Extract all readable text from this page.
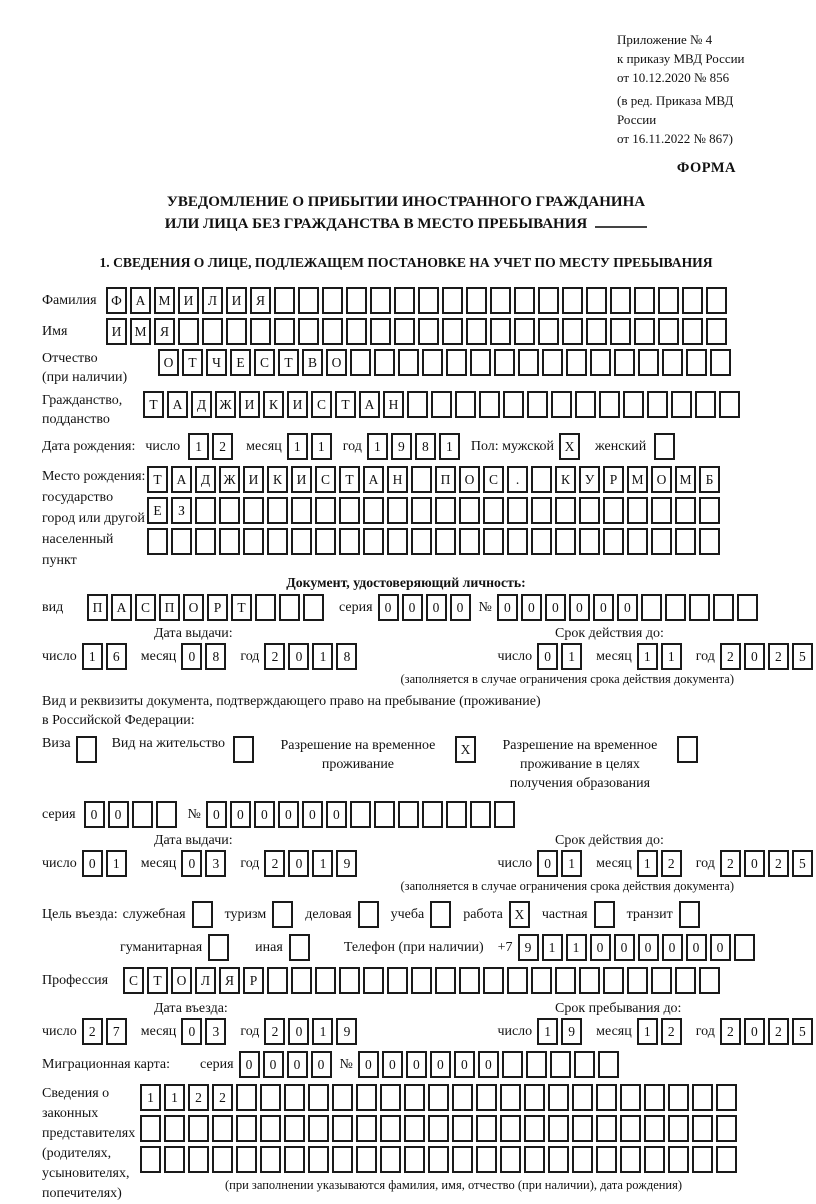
Приложение № 4
к приказу МВД России
от 10.12.2020 № 856
(в ред. Приказа МВД России
от 16.11.2022 № 867)
ФОРМА
УВЕДОМЛЕНИЕ О ПРИБЫТИИ ИНОСТРАННОГО ГРАЖДАНИНА
ИЛИ ЛИЦА БЕЗ ГРАЖДАНСТВА В МЕСТО ПРЕБЫВАНИЯ
1. СВЕДЕНИЯ О ЛИЦЕ, ПОДЛЕЖАЩЕМ ПОСТАНОВКЕ НА УЧЕТ ПО МЕСТУ ПРЕБЫВАНИЯ
Фамилия	Ф	А М И	Л	И	Я
Имя	И М Я
Отчество
(при наличии)
О	Т	Ч	Е	С	Т	В	О
Гражданство,
подданство
Т	А	Д Ж И	К	И	С	Т	А	Н
Дата рождения: число	1	2	месяц 1	1	год 1	9	8	1	Пол: мужской X	женский
Место рождения:
государство
город или другой
населенный пункт
Т	А	Д Ж И	К	И	С	Т	А	Н	П	О	С	.	К	У	Р	М О М	Б
Е	З
Документ, удостоверяющий личность:
вид	П	А	С	П	О	Р	Т	серия 0	0	0	0	№ 0	0	0	0	0	0
Дата выдачи:	Срок действия до:
число 1	6	месяц 0	8	год 2	0	1	8	число 0	1	месяц 1	1	год 2	0	2	5
(заполняется в случае ограничения срока действия документа)
Вид и реквизиты документа, подтверждающего право на пребывание (проживание)
в Российской Федерации:
Виза	Вид на жительство	Разрешение на временное
проживание
X	Разрешение на временное
проживание в целях
получения образования
серия	0	0	№ 0	0	0	0	0	0
Дата выдачи:	Срок действия до:
число 0	1	месяц 0	3	год 2	0	1	9	число 0	1	месяц 1	2	год 2	0	2	5
(заполняется в случае ограничения срока действия документа)
Цель въезда: служебная	туризм	деловая	учеба	работа X	частная	транзит
гуманитарная	иная	Телефон (при наличии) +7 9	1	1	0	0	0	0	0	0
Профессия	С	Т	О	Л	Я	Р
Дата въезда:	Срок пребывания до:
число 2	7	месяц 0	3	год 2	0	1	9	число 1	9	месяц 1	2	год 2	0	2	5
Миграционная карта:	серия 0	0	0	0	№ 0	0	0	0	0	0
Сведения о
законных
представителях
(родителях,
усыновителях,
попечителях)
1	1	2	2
(при заполнении указываются фамилия, имя, отчество (при наличии), дата рождения)
